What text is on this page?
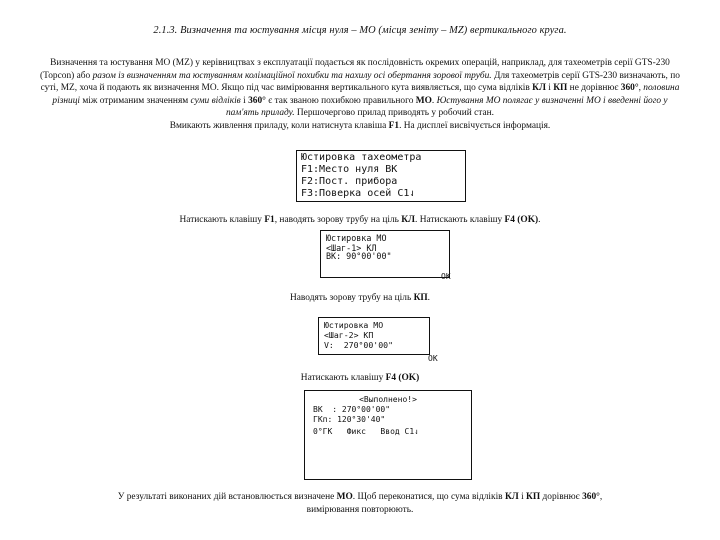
2.1.3. Визначення та юстування місця нуля – МО (місця зеніту – MZ) вертикального круга.
Визначення та юстування МО (MZ) у керівництвах з експлуатації подається як послідовність окремих операцій, наприклад, для тахеометрів серії GTS-230 (Topcon) або разом із визначенням та юстуванням колімаційної похибки та нахилу осі обертання зорової труби. Для тахеометрів серії GTS-230 визначають, по суті, MZ, хоча й подають як визначення МО. Якщо під час вимірювання вертикального кута виявляється, що сума відліків КЛ і КП не дорівнює 360°, половина різниці між отриманим значенням суми відліків і 360° є так званою похибкою правильного МО. Юстування МО полягає у визначенні МО і введенні його у пам'ять приладу. Першочергово прилад приводять у робочий стан.
Вмикають живлення приладу, коли натиснута клавіша F1. На дисплеї висвічується інформація.
Юстировка тахеометра
F1:Место нуля ВК
F2:Пост. прибора
F3:Поверка осей C1⇃
Натискають клавішу F1, наводять зорову трубу на ціль КЛ. Натискають клавішу F4 (OK).
Юстировка МО
<Шаг-1> КЛ
ВК: 90°00'00"
OK
Наводять зорову трубу на ціль КП.
Юстировка МО
<Шаг-2> КП
V:  270°00'00"
OK
Натискають клавішу F4 (OK)
<Выполнено!>
ВК  : 270°00'00"
ГКп: 120°30'40"
0°ГК   Фикс   Ввод C1⇃
У результаті виконаних дій встановлюється визначене МО. Щоб переконатися, що сума відліків КЛ і КП дорівнює 360°,
вимірювання повторюють.
